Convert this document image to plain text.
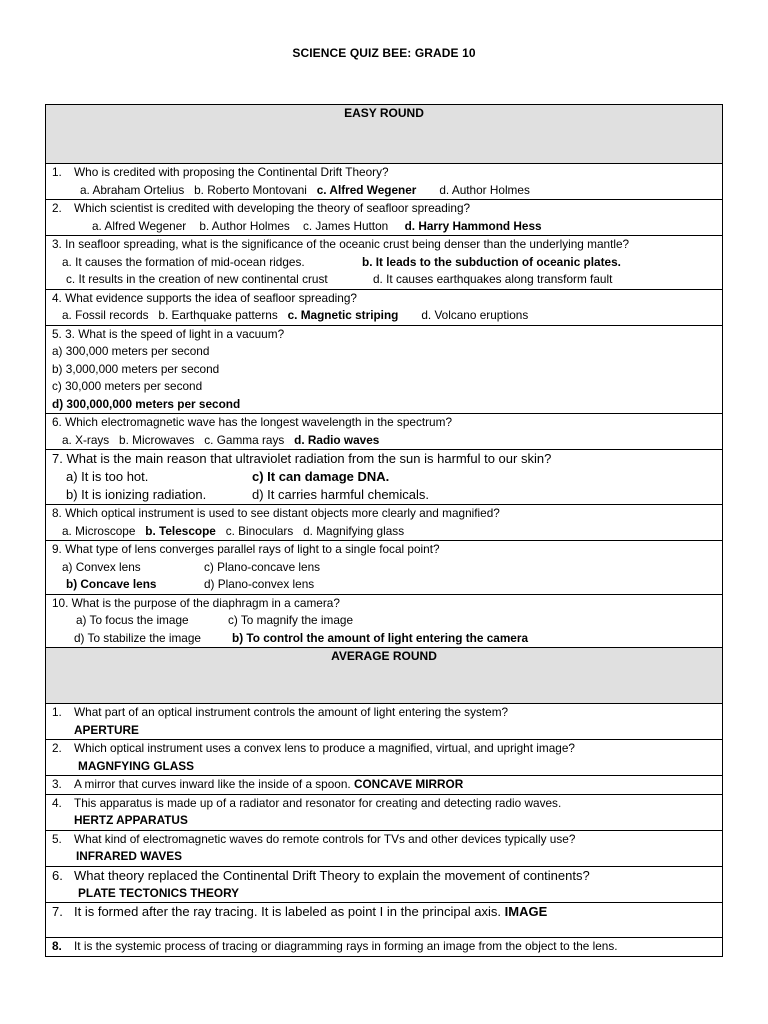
SCIENCE QUIZ BEE: GRADE 10
EASY ROUND

1. Who is credited with proposing the Continental Drift Theory?
a. Abraham Ortelius b. Roberto Montovani c. Alfred Wegener d. Author Holmes

2. Which scientist is credited with developing the theory of seafloor spreading?
a. Alfred Wegener b. Author Holmes c. James Hutton d. Harry Hammond Hess

3. In seafloor spreading, what is the significance of the oceanic crust being denser than the underlying mantle?
a. It causes the formation of mid-ocean ridges.	b. It leads to the subduction of oceanic plates.
c. It results in the creation of new continental crust	d. It causes earthquakes along transform fault

4. What evidence supports the idea of seafloor spreading?
a. Fossil records b. Earthquake patterns c. Magnetic striping d. Volcano eruptions

5. 3. What is the speed of light in a vacuum?
a) 300,000 meters per second
b) 3,000,000 meters per second
c) 30,000 meters per second
d) 300,000,000 meters per second

6. Which electromagnetic wave has the longest wavelength in the spectrum?
a. X-rays b. Microwaves c. Gamma rays d. Radio waves

7. What is the main reason that ultraviolet radiation from the sun is harmful to our skin?
a) It is too hot.	c) It can damage DNA.
b) It is ionizing radiation.	d) It carries harmful chemicals.

8. Which optical instrument is used to see distant objects more clearly and magnified?
a. Microscope b. Telescope c. Binoculars d. Magnifying glass

9. What type of lens converges parallel rays of light to a single focal point?
a) Convex lens	c) Plano-concave lens
b) Concave lens	d) Plano-convex lens

10. What is the purpose of the diaphragm in a camera?
a) To focus the image	c) To magnify the image
d) To stabilize the image	b) To control the amount of light entering the camera

AVERAGE ROUND

1. What part of an optical instrument controls the amount of light entering the system?
APERTURE

2. Which optical instrument uses a convex lens to produce a magnified, virtual, and upright image?
MAGNFYING GLASS

3. A mirror that curves inward like the inside of a spoon. CONCAVE MIRROR

4. This apparatus is made up of a radiator and resonator for creating and detecting radio waves.
HERTZ APPARATUS

5. What kind of electromagnetic waves do remote controls for TVs and other devices typically use?
INFRARED WAVES

6. What theory replaced the Continental Drift Theory to explain the movement of continents?
PLATE TECTONICS THEORY

7. It is formed after the ray tracing. It is labeled as point I in the principal axis. IMAGE

8. It is the systemic process of tracing or diagramming rays in forming an image from the object to the lens.
